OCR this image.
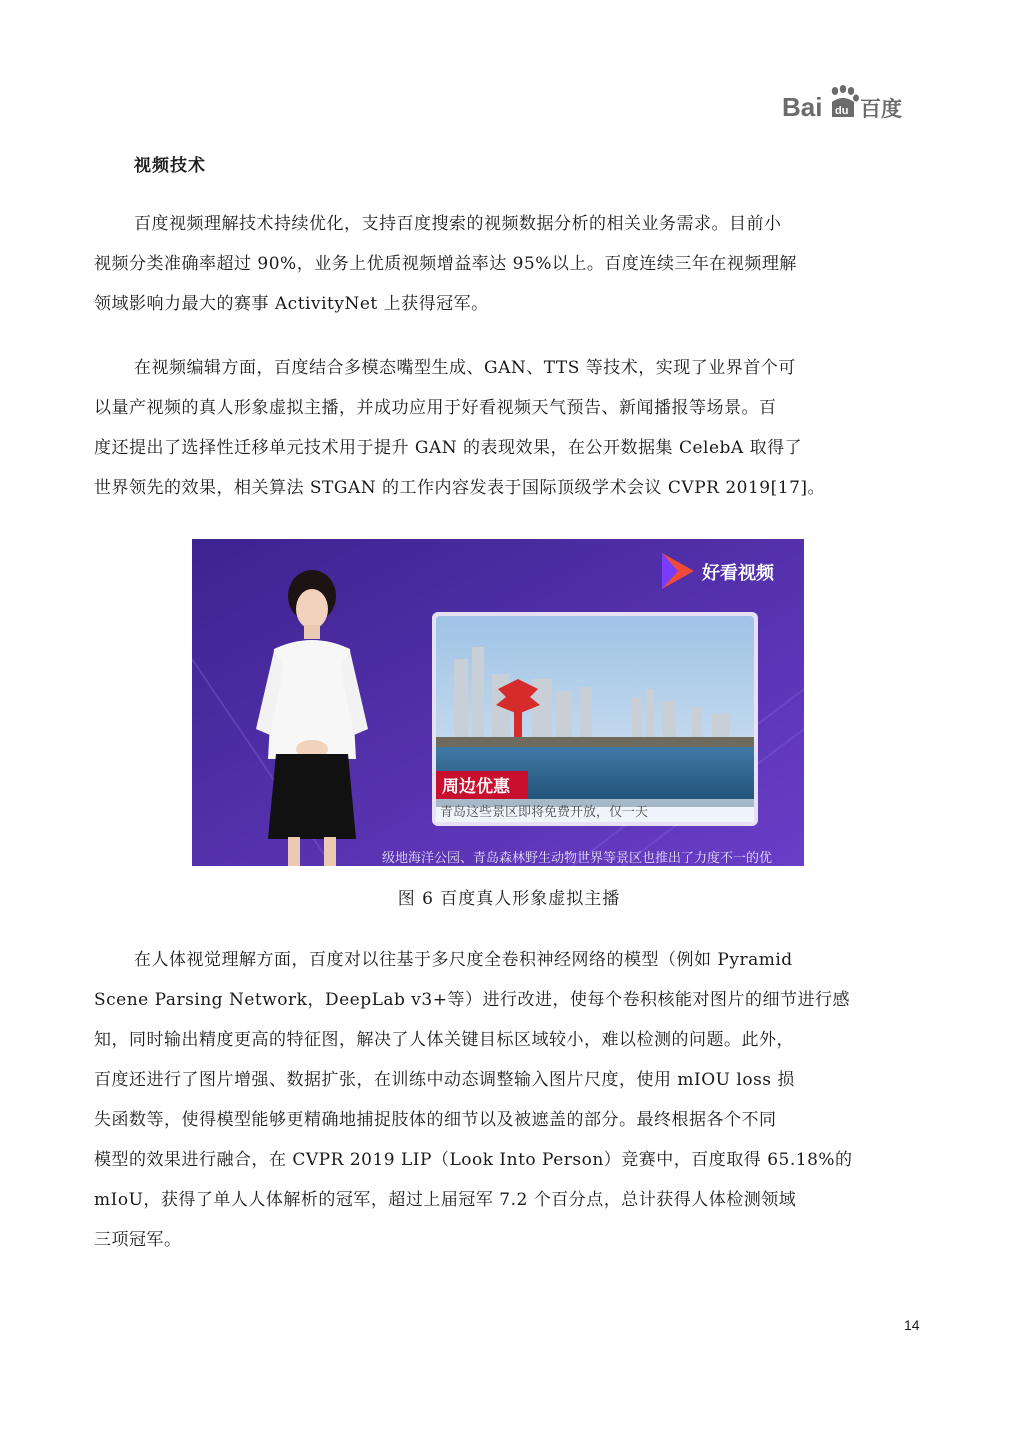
Bai du 百度
视频技术

百度视频理解技术持续优化，支持百度搜索的视频数据分析的相关业务需求。目前小
视频分类准确率超过 90%，业务上优质视频增益率达 95%以上。百度连续三年在视频理解
领域影响力最大的赛事 ActivityNet 上获得冠军。

在视频编辑方面，百度结合多模态嘴型生成、GAN、TTS 等技术，实现了业界首个可
以量产视频的真人形象虚拟主播，并成功应用于好看视频天气预告、新闻播报等场景。百
度还提出了选择性迁移单元技术用于提升 GAN 的表现效果，在公开数据集 CelebA 取得了
世界领先的效果，相关算法 STGAN 的工作内容发表于国际顶级学术会议 CVPR 2019[17]。

好看视频
周边优惠
青岛这些景区即将免费开放，仅一天
级地海洋公园、青岛森林野生动物世界等景区也推出了力度不一的优
图 6 百度真人形象虚拟主播

在人体视觉理解方面，百度对以往基于多尺度全卷积神经网络的模型（例如 Pyramid
Scene Parsing Network，DeepLab v3+等）进行改进，使每个卷积核能对图片的细节进行感
知，同时输出精度更高的特征图，解决了人体关键目标区域较小，难以检测的问题。此外，
百度还进行了图片增强、数据扩张，在训练中动态调整输入图片尺度，使用 mIOU loss 损
失函数等，使得模型能够更精确地捕捉肢体的细节以及被遮盖的部分。最终根据各个不同
模型的效果进行融合，在 CVPR 2019 LIP（Look Into Person）竞赛中，百度取得 65.18%的
mIoU，获得了单人人体解析的冠军，超过上届冠军 7.2 个百分点，总计获得人体检测领域
三项冠军。

14
